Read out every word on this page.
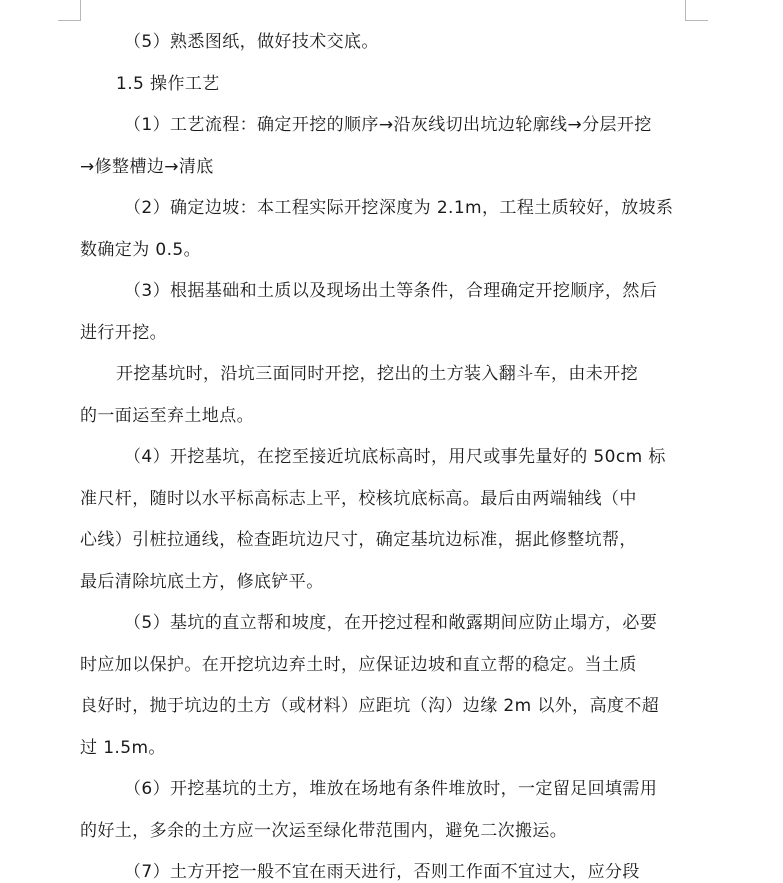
（5）熟悉图纸，做好技术交底。

1.5 操作工艺

（1）工艺流程：确定开挖的顺序→沿灰线切出坑边轮廓线→分层开挖
→修整槽边→清底

（2）确定边坡：本工程实际开挖深度为 2.1m，工程土质较好，放坡系
数确定为 0.5。

（3）根据基础和土质以及现场出土等条件，合理确定开挖顺序，然后
进行开挖。

开挖基坑时，沿坑三面同时开挖，挖出的土方装入翻斗车，由未开挖
的一面运至弃土地点。

（4）开挖基坑，在挖至接近坑底标高时，用尺或事先量好的 50cm 标
准尺杆，随时以水平标高标志上平，校核坑底标高。最后由两端轴线（中
心线）引桩拉通线，检查距坑边尺寸，确定基坑边标准，据此修整坑帮，
最后清除坑底土方，修底铲平。

（5）基坑的直立帮和坡度，在开挖过程和敞露期间应防止塌方，必要
时应加以保护。在开挖坑边弃土时，应保证边坡和直立帮的稳定。当土质
良好时，抛于坑边的土方（或材料）应距坑（沟）边缘 2m 以外，高度不超
过 1.5m。

（6）开挖基坑的土方，堆放在场地有条件堆放时，一定留足回填需用
的好土，多余的土方应一次运至绿化带范围内，避免二次搬运。

（7）土方开挖一般不宜在雨天进行，否则工作面不宜过大，应分段
